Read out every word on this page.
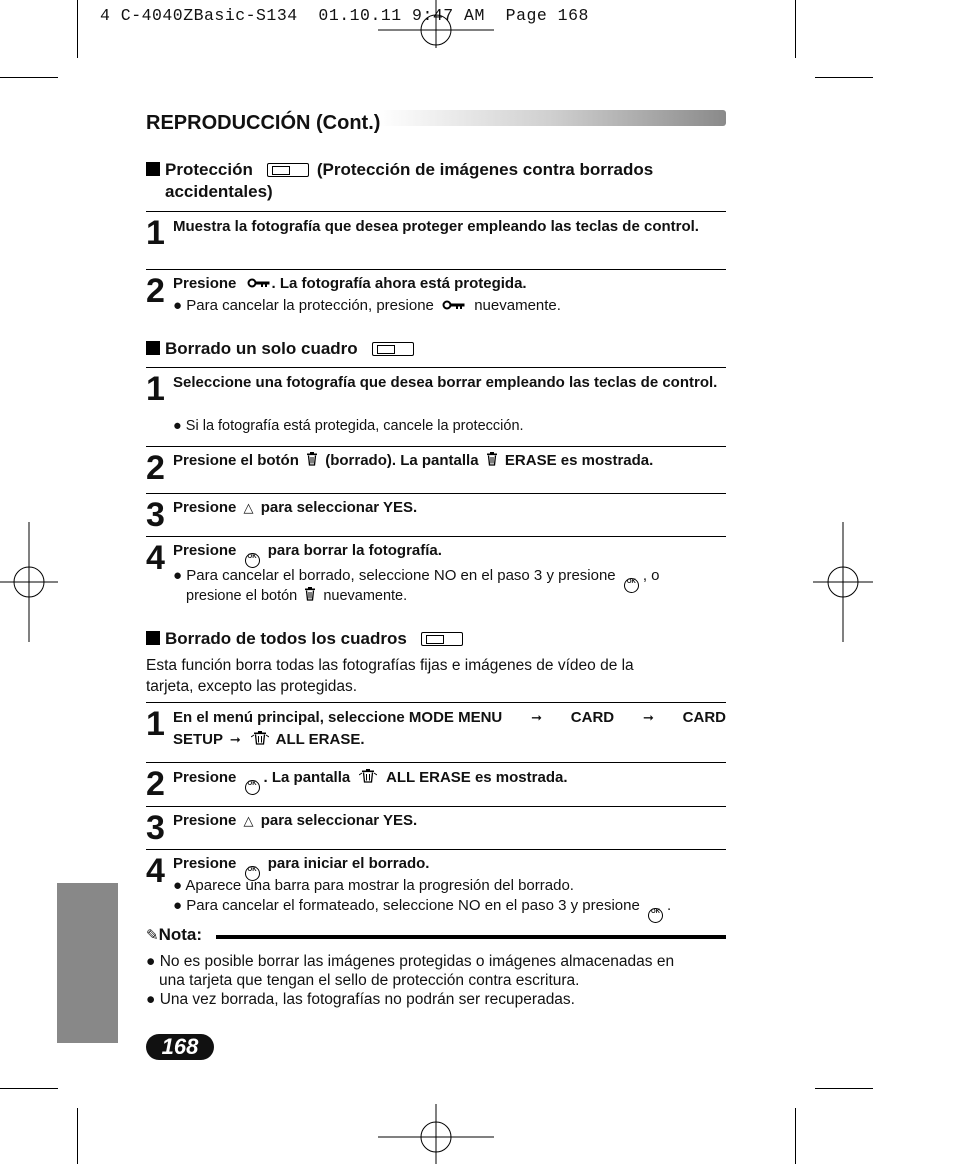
4 C-4040ZBasic-S134  01.10.11 9:47 AM  Page 168
REPRODUCCIÓN (Cont.)
Protección	(Protección de imágenes contra borrados
accidentales)
1 Muestra la fotografía que desea proteger empleando las teclas de control.
2 Presione . La fotografía ahora está protegida.
● Para cancelar la protección, presione	nuevamente.
Borrado un solo cuadro
1 Seleccione una fotografía que desea borrar empleando las teclas de control.
● Si la fotografía está protegida, cancele la protección.
2 Presione el botón (borrado). La pantalla ERASE es mostrada.
3 Presione △ para seleccionar YES.
4 Presione OK para borrar la fotografía.
● Para cancelar el borrado, seleccione NO en el paso 3 y presione OK , o
presione el botón nuevamente.
Borrado de todos los cuadros
Esta función borra todas las fotografías fijas e imágenes de vídeo de la
tarjeta, excepto las protegidas.
1 En el menú principal, seleccione MODE MENU ➞ CARD ➞ CARD
SETUP ➞ ALL ERASE.
2 Presione OK . La pantalla ALL ERASE es mostrada.
3 Presione △ para seleccionar YES.
4 Presione OK para iniciar el borrado.
● Aparece una barra para mostrar la progresión del borrado.
● Para cancelar el formateado, seleccione NO en el paso 3 y presione OK .
✎Nota:
● No es posible borrar las imágenes protegidas o imágenes almacenadas en
una tarjeta que tengan el sello de protección contra escritura.
● Una vez borrada, las fotografías no podrán ser recuperadas.
168
